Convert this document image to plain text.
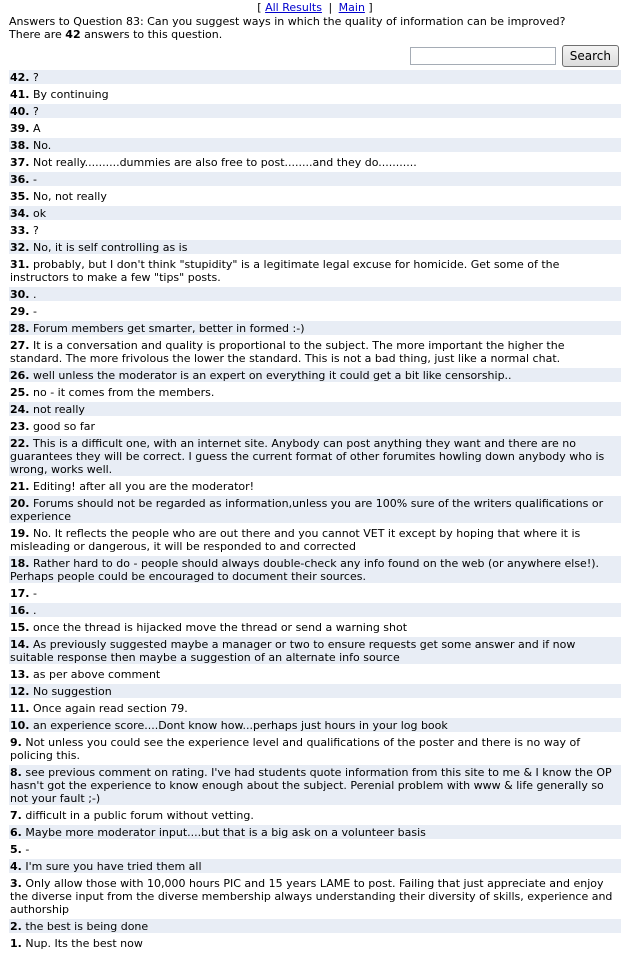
[ All Results | Main ]
Answers to Question 83: Can you suggest ways in which the quality of information can be improved?
There are 42 answers to this question.
Search
42. ?
41. By continuing
40. ?
39. A
38. No.
37. Not really..........dummies are also free to post........and they do...........
36. -
35. No, not really
34. ok
33. ?
32. No, it is self controlling as is
31. probably, but I don't think "stupidity" is a legitimate legal excuse for homicide. Get some of the instructors to make a few "tips" posts.
30. .
29. -
28. Forum members get smarter, better in formed :-)
27. It is a conversation and quality is proportional to the subject. The more important the higher the standard. The more frivolous the lower the standard. This is not a bad thing, just like a normal chat.
26. well unless the moderator is an expert on everything it could get a bit like censorship..
25. no - it comes from the members.
24. not really
23. good so far
22. This is a difficult one, with an internet site. Anybody can post anything they want and there are no guarantees they will be correct. I guess the current format of other forumites howling down anybody who is wrong, works well.
21. Editing! after all you are the moderator!
20. Forums should not be regarded as information,unless you are 100% sure of the writers qualifications or experience
19. No. It reflects the people who are out there and you cannot VET it except by hoping that where it is misleading or dangerous, it will be responded to and corrected
18. Rather hard to do - people should always double-check any info found on the web (or anywhere else!). Perhaps people could be encouraged to document their sources.
17. -
16. .
15. once the thread is hijacked move the thread or send a warning shot
14. As previously suggested maybe a manager or two to ensure requests get some answer and if now suitable response then maybe a suggestion of an alternate info source
13. as per above comment
12. No suggestion
11. Once again read section 79.
10. an experience score....Dont know how...perhaps just hours in your log book
9. Not unless you could see the experience level and qualifications of the poster and there is no way of policing this.
8. see previous comment on rating. I've had students quote information from this site to me & I know the OP hasn't got the experience to know enough about the subject. Perenial problem with www & life generally so not your fault ;-)
7. difficult in a public forum without vetting.
6. Maybe more moderator input....but that is a big ask on a volunteer basis
5. -
4. I'm sure you have tried them all
3. Only allow those with 10,000 hours PIC and 15 years LAME to post. Failing that just appreciate and enjoy the diverse input from the diverse membership always understanding their diversity of skills, experience and authorship
2. the best is being done
1. Nup. Its the best now
